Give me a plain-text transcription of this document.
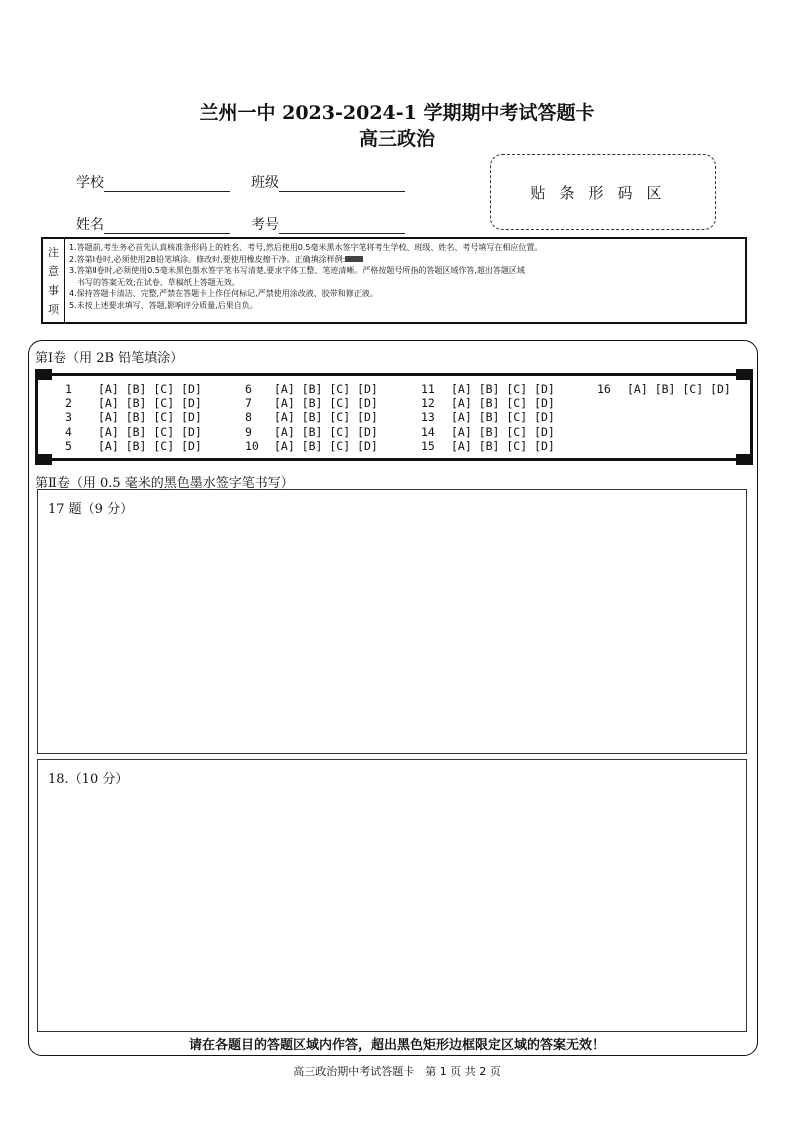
兰州一中 2023-2024-1 学期期中考试答题卡
高三政治
学校	班级
姓名	考号
贴条形码区
注
意
事
项
1.答题前,考生务必首先认真核准条形码上的姓名、考号,然后使用0.5毫米黑水签字笔将考生学校、班级、姓名、考号填写在相应位置。
2.答第Ⅰ卷时,必须使用2B铅笔填涂。修改时,要使用橡皮擦干净。正确填涂样例:
3.答第Ⅱ卷时,必须使用0.5毫米黑色墨水签字笔书写清楚,要求字体工整、笔迹清晰。严格按题号所指的答题区域作答,超出答题区域
书写的答案无效;在试卷、草稿纸上答题无效。
4.保持答题卡清洁、完整,严禁在答题卡上作任何标记,严禁使用涂改液、胶带和修正液。
5.未按上述要求填写、答题,影响评分质量,后果自负。
第Ⅰ卷（用 2B 铅笔填涂）
1 [A] [B] [C] [D]
2 [A] [B] [C] [D]
3 [A] [B] [C] [D]
4 [A] [B] [C] [D]
5 [A] [B] [C] [D]
6 [A] [B] [C] [D]
7 [A] [B] [C] [D]
8 [A] [B] [C] [D]
9 [A] [B] [C] [D]
10 [A] [B] [C] [D]
11 [A] [B] [C] [D]
12 [A] [B] [C] [D]
13 [A] [B] [C] [D]
14 [A] [B] [C] [D]
15 [A] [B] [C] [D]
16 [A] [B] [C] [D]
第Ⅱ卷（用 0.5 毫米的黑色墨水签字笔书写）
17 题（9 分）
18.（10 分）
请在各题目的答题区域内作答，超出黑色矩形边框限定区域的答案无效！
高三政治期中考试答题卡　第 1 页 共 2 页
